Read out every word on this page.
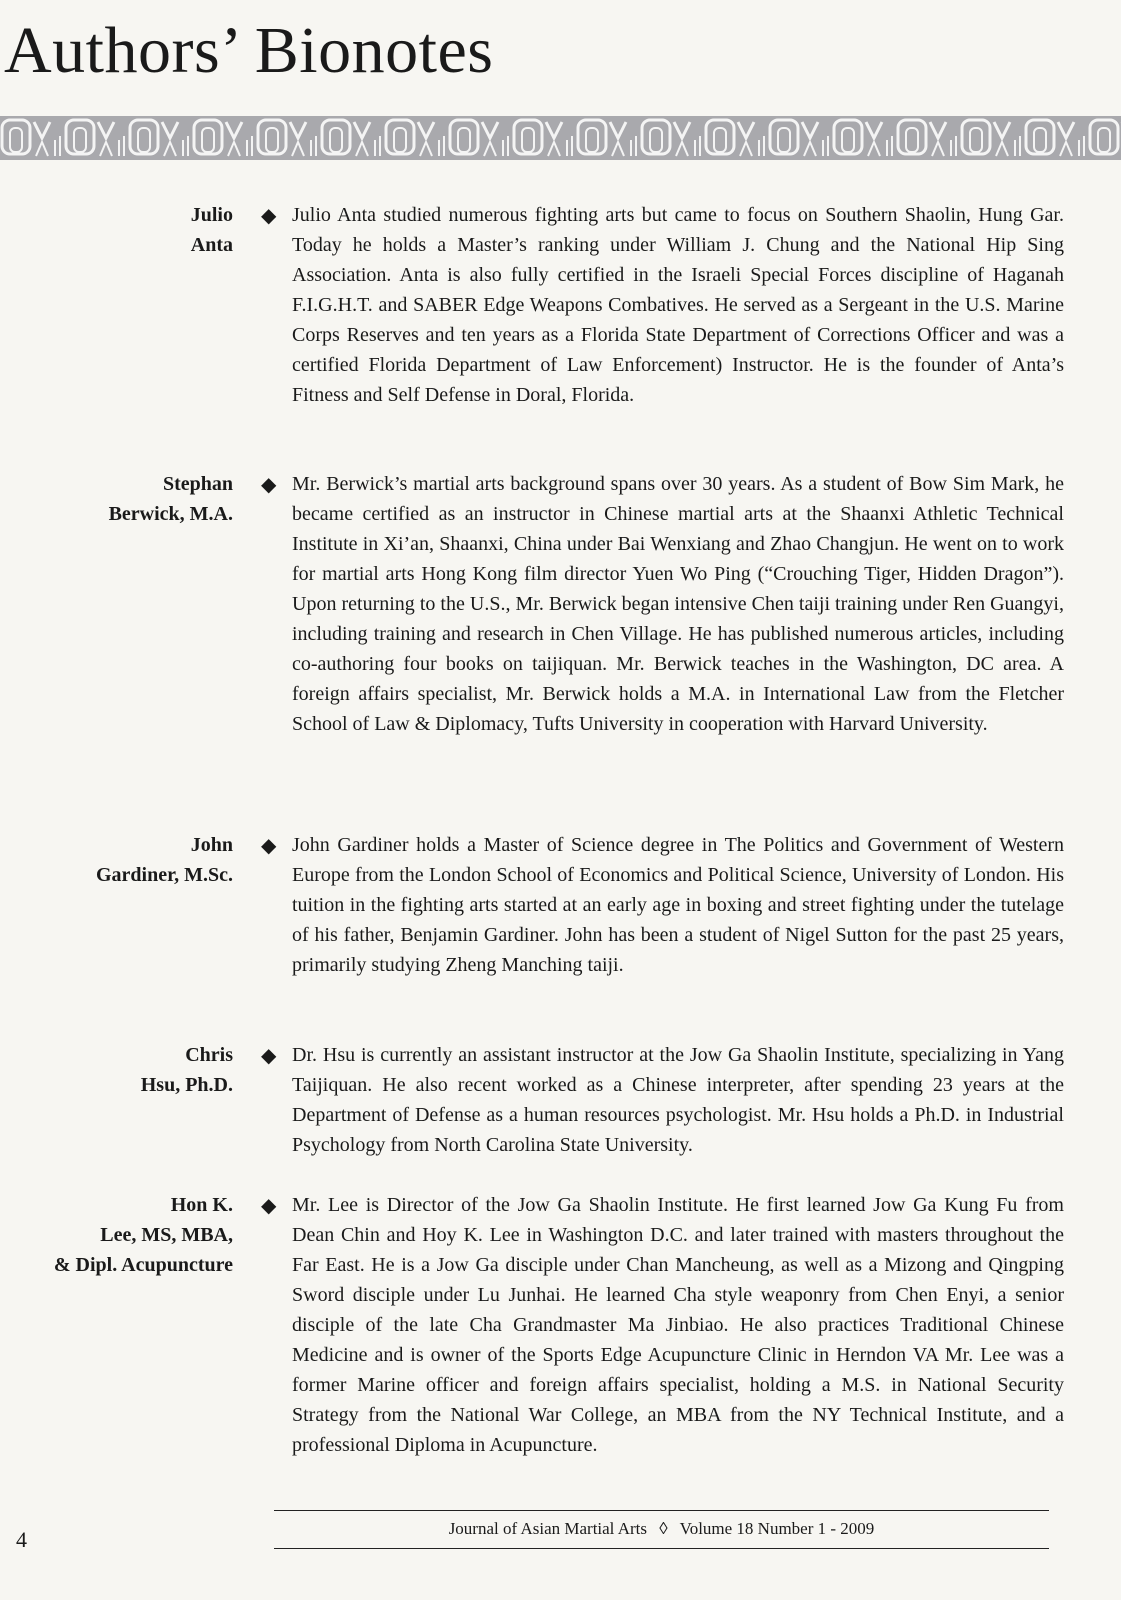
Authors’ Bionotes
Julio
Anta
◆ Julio Anta studied numerous fighting arts but came to focus on Southern Shaolin, Hung Gar. Today he holds a Master’s ranking under William J. Chung and the National Hip Sing Association. Anta is also fully certified in the Israeli Special Forces discipline of Haganah F.I.G.H.T. and SABER Edge Weapons Combatives. He served as a Sergeant in the U.S. Marine Corps Reserves and ten years as a Florida State Department of Corrections Officer and was a certified Florida Department of Law Enforcement) Instructor. He is the founder of Anta’s Fitness and Self Defense in Doral, Florida.

Stephan
Berwick, M.A.
◆ Mr. Berwick’s martial arts background spans over 30 years. As a student of Bow Sim Mark, he became certified as an instructor in Chinese martial arts at the Shaanxi Athletic Technical Institute in Xi’an, Shaanxi, China under Bai Wenxiang and Zhao Changjun. He went on to work for martial arts Hong Kong film director Yuen Wo Ping (“Crouching Tiger, Hidden Dragon”). Upon returning to the U.S., Mr. Berwick began intensive Chen taiji training under Ren Guangyi, including training and research in Chen Village. He has published numerous articles, including co-authoring four books on taijiquan. Mr. Berwick teaches in the Washington, DC area. A foreign affairs specialist, Mr. Berwick holds a M.A. in International Law from the Fletcher School of Law & Diplomacy, Tufts University in cooperation with Harvard University.

John
Gardiner, M.Sc.
◆ John Gardiner holds a Master of Science degree in The Politics and Government of Western Europe from the London School of Economics and Political Science, University of London. His tuition in the fighting arts started at an early age in boxing and street fighting under the tutelage of his father, Benjamin Gardiner. John has been a student of Nigel Sutton for the past 25 years, primarily studying Zheng Manching taiji.

Chris
Hsu, Ph.D.
◆ Dr. Hsu is currently an assistant instructor at the Jow Ga Shaolin Institute, specializing in Yang Taijiquan. He also recent worked as a Chinese interpreter, after spending 23 years at the Department of Defense as a human resources psychologist. Mr. Hsu holds a Ph.D. in Industrial Psychology from North Carolina State University.

Hon K.
Lee, MS, MBA,
& Dipl. Acupuncture
◆ Mr. Lee is Director of the Jow Ga Shaolin Institute. He first learned Jow Ga Kung Fu from Dean Chin and Hoy K. Lee in Washington D.C. and later trained with masters throughout the Far East. He is a Jow Ga disciple under Chan Mancheung, as well as a Mizong and Qingping Sword disciple under Lu Junhai. He learned Cha style weaponry from Chen Enyi, a senior disciple of the late Cha Grandmaster Ma Jinbiao. He also practices Traditional Chinese Medicine and is owner of the Sports Edge Acupuncture Clinic in Herndon VA Mr. Lee was a former Marine officer and foreign affairs specialist, holding a M.S. in National Security Strategy from the National War College, an MBA from the NY Technical Institute, and a professional Diploma in Acupuncture.

Journal of Asian Martial Arts ◊ Volume 18 Number 1 - 2009
4
